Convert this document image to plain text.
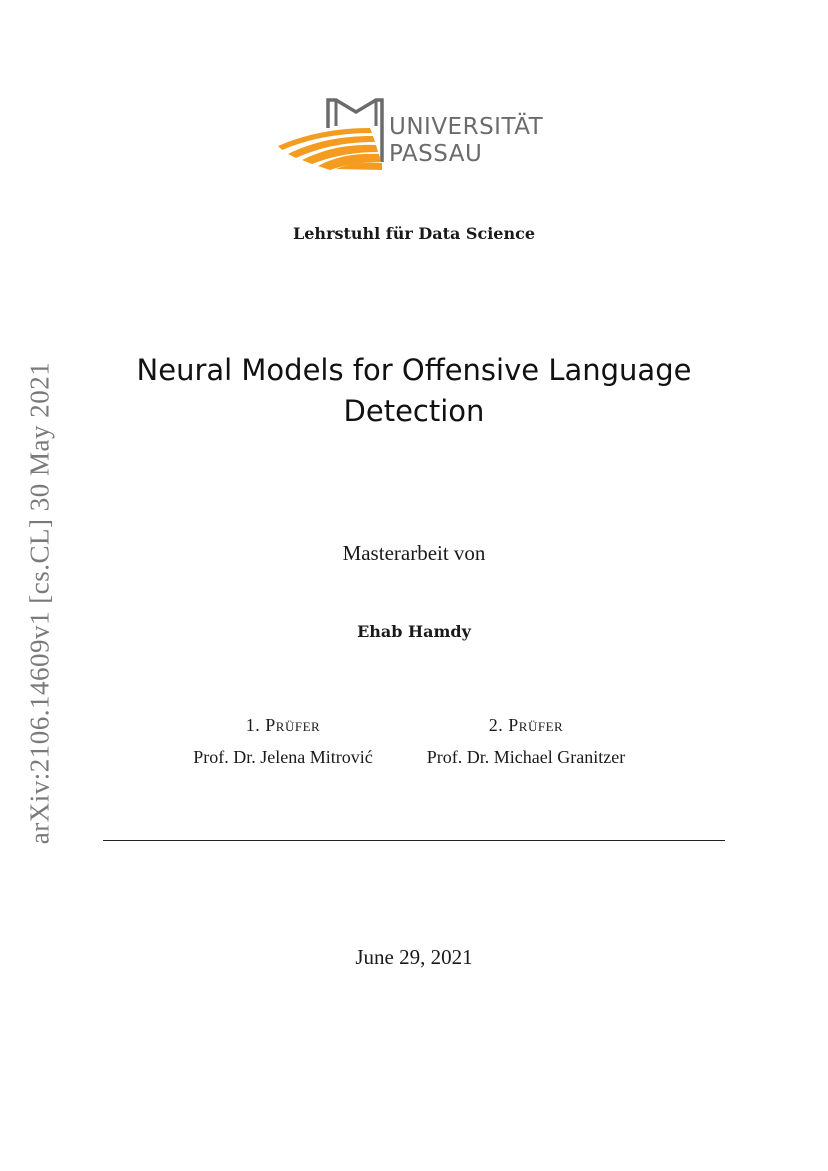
arXiv:2106.14609v1 [cs.CL] 30 May 2021
UNIVERSITÄT
PASSAU
Lehrstuhl für Data Science
Neural Models for Offensive Language
Detection
Masterarbeit von
Ehab Hamdy
1. Prüfer
Prof. Dr. Jelena Mitrović
2. Prüfer
Prof. Dr. Michael Granitzer
June 29, 2021
